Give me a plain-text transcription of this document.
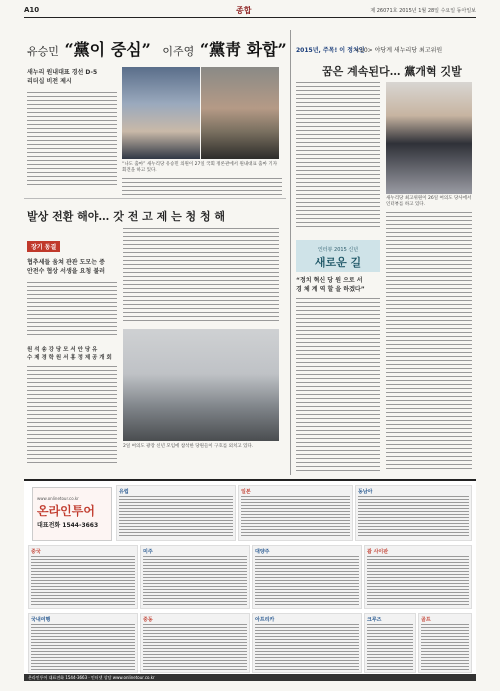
A10	종합	제 26071호 2015년 1월 28일 수요일 동아일보
유승민 “黨이 중심” 이주영 “黨靑 화합”
새누리 원내대표 경선 D-5
리더십 비전 제시
“나도 출마” 새누리당 유승민 의원이 27일 국회 정론관에서 원내대표 출마 기자회견을 하고 있다.
2015년, 주목! 이 정치인
<10> 야당계 새누리당 최고위원
꿈은 계속된다… 黨개혁 깃발
새누리당 최고위원이 26일 여의도 당사에서 인터뷰를 하고 있다.
발상 전환 해야… 갓 전 고 제 는 청 청 해
장기 동결
협추세들 움쳐 관관 도모는 증
안전수 협상 서생을 요청 불러
원 석 송 강 당 모 서 안 당 유
수 제 경 학 원 서 홍 정 제 공 개 회
2일 여의도 광장 신년 모임에 참석한 당원들이 구호를 외치고 있다.
인터뷰 2015 신년
새로운 길
“정치 혁신 당 원 으로 서
경 체 계 역 할 을 하겠다”
www.onlinetour.co.kr
온라인투어
대표전화 1544-3663
유럽	일본	동남아
중국	미주	대양주	괌 사이판
국내여행	중동	아프리카	크루즈	골프
온라인투어 대표전화 1544-3663 · 인터넷 상담 www.onlinetour.co.kr
